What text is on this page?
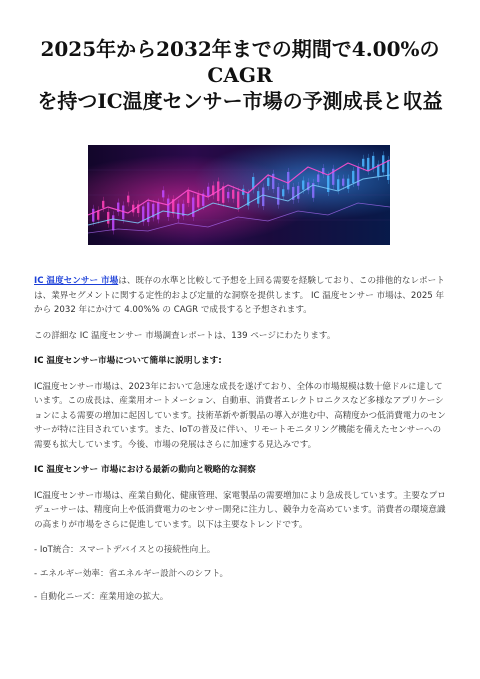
2025年から2032年までの期間で4.00%のCAGR
を持つIC温度センサー市場の予測成長と収益

IC 温度センサー 市場は、既存の水準と比較して予想を上回る需要を経験しており、この排他的なレポートは、業界セグメントに関する定性的および定量的な洞察を提供します。 IC 温度センサー 市場は、2025 年から 2032 年にかけて 4.00%% の CAGR で成長すると予想されます。

この詳細な IC 温度センサー 市場調査レポートは、139 ページにわたります。

IC 温度センサー市場について簡単に説明します:

IC温度センサー市場は、2023年において急速な成長を遂げており、全体の市場規模は数十億ドルに達しています。この成長は、産業用オートメーション、自動車、消費者エレクトロニクスなど多様なアプリケーションによる需要の増加に起因しています。技術革新や新製品の導入が進む中、高精度かつ低消費電力のセンサーが特に注目されています。また、IoTの普及に伴い、リモートモニタリング機能を備えたセンサーへの需要も拡大しています。今後、市場の発展はさらに加速する見込みです。

IC 温度センサー 市場における最新の動向と戦略的な洞察

IC温度センサー市場は、産業自動化、健康管理、家電製品の需要増加により急成長しています。主要なプロデューサーは、精度向上や低消費電力のセンサー開発に注力し、競争力を高めています。消費者の環境意識の高まりが市場をさらに促進しています。以下は主要なトレンドです。

- IoT統合：スマートデバイスとの接続性向上。

- エネルギー効率：省エネルギー設計へのシフト。

- 自動化ニーズ：産業用途の拡大。
